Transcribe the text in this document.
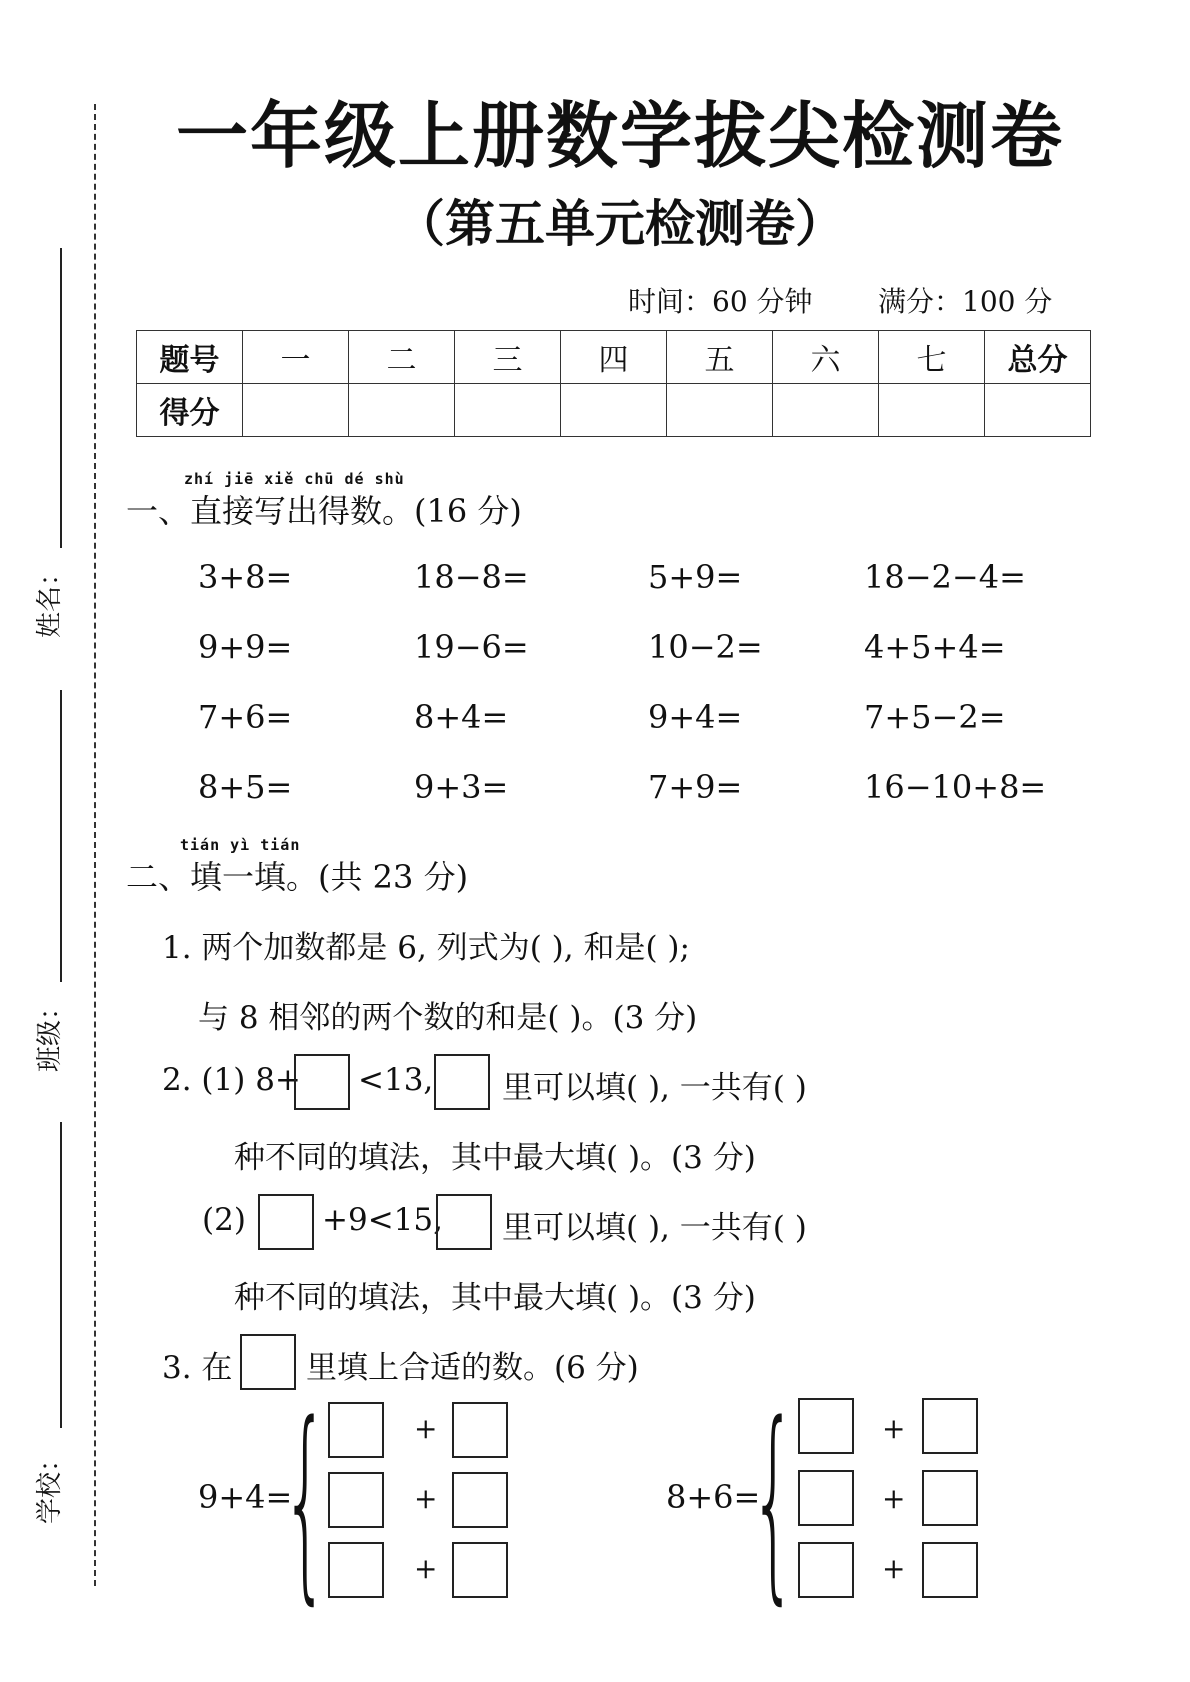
姓名：
班级：
学校：
一年级上册数学拔尖检测卷
（第五单元检测卷）
时间：60 分钟 满分：100 分
题号	一	二	三	四	五	六	七	总分
得分								
zhí jiē xiě chū dé shù
一、直接写出得数。(16 分)
3+8=	18−8=	5+9=	18−2−4=
9+9=	19−6=	10−2=	4+5+4=
7+6=	8+4=	9+4=	7+5−2=
8+5=	9+3=	7+9=	16−10+8=
tián yì tián
二、填一填。(共 23 分)
1. 两个加数都是 6, 列式为( ), 和是( );
与 8 相邻的两个数的和是( )。(3 分)
2. (1) 8+ <13, 里可以填( ), 一共有( )
种不同的填法，其中最大填( )。(3 分)
(2) +9<15, 里可以填( ), 一共有( )
种不同的填法，其中最大填( )。(3 分)
3. 在 里填上合适的数。(6 分)
9+4=
{	+
+
+
8+6=
{	+
+
+
